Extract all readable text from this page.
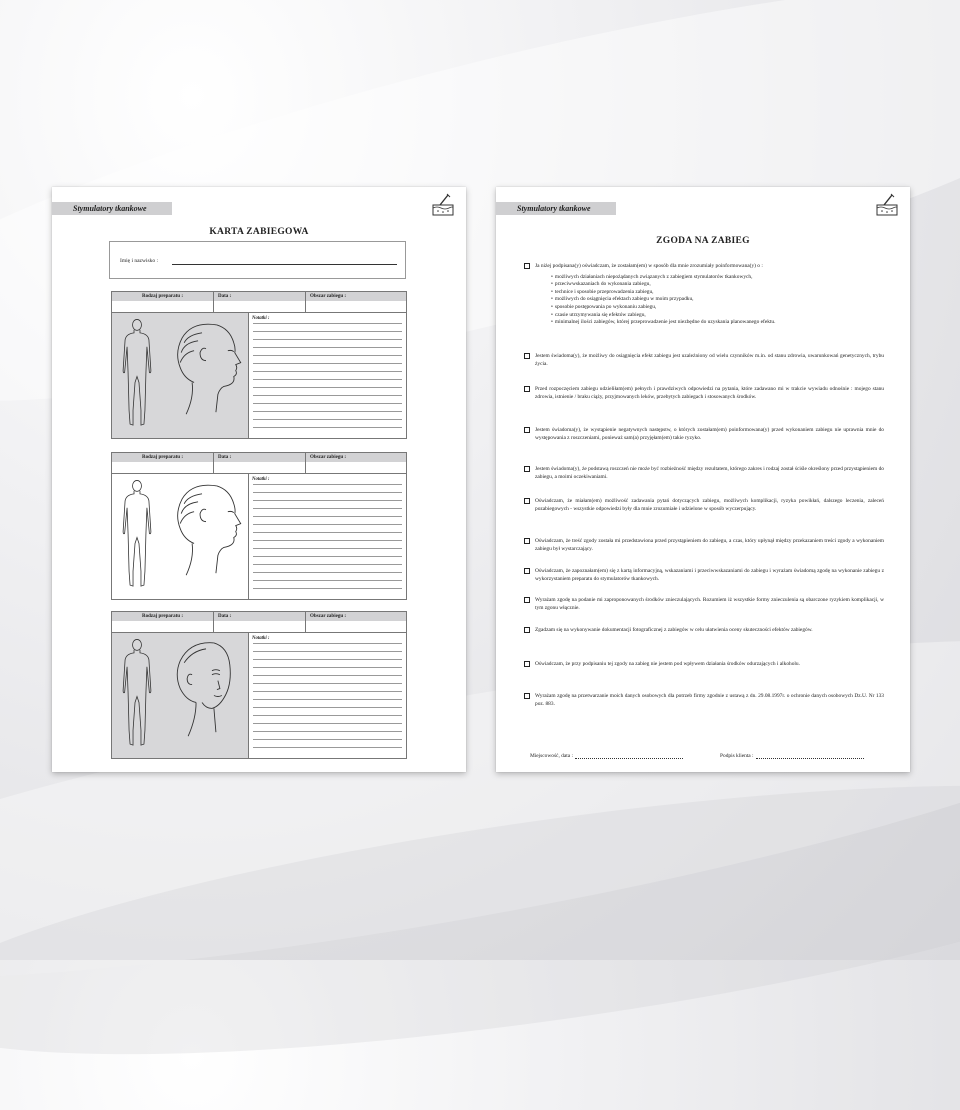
Stymulatory tkankowe
KARTA ZABIEGOWA
Imię i nazwisko :
Rodzaj preparatu :	Data :	Obszar zabiegu :
Notatki :
Rodzaj preparatu :	Data :	Obszar zabiegu :
Notatki :
Rodzaj preparatu :	Data :	Obszar zabiegu :
Notatki :
Stymulatory tkankowe
ZGODA NA ZABIEG
Ja niżej podpisana(y) oświadczam, że zostałam(em) w sposób dla mnie zrozumiały poinformowana(y) o :
• możliwych działaniach niepożądanych związanych z zabiegiem stymulatorów tkankowych,
• przeciwwskazaniach do wykonania zabiegu,
• technice i sposobie przeprowadzenia zabiegu,
• możliwych do osiągnięcia efektach zabiegu w moim przypadku,
• sposobie postępowania po wykonaniu zabiegu,
• czasie utrzymywania się efektów zabiegu,
• minimalnej ilości zabiegów, której przeprowadzenie jest niezbędne do uzyskania planowanego efektu.
Jestem świadoma(y), że możliwy do osiągnięcia efekt zabiegu jest uzależniony od wielu czynników m.in. od stanu zdrowia, uwarunkowań genetycznych, trybu życia.
Przed rozpoczęciem zabiegu udzieliłam(em) pełnych i prawdziwych odpowiedzi na pytania, które zadawano mi w trakcie wywiadu odnośnie : mojego stanu zdrowia, istnienie / braku ciąży, przyjmowanych leków, przebytych zabiegach i stosowanych środków.
Jestem świadoma(y), że wystąpienie negatywnych następstw, o których zostałam(em) poinformowana(y) przed wykonaniem zabiegu nie uprawnia mnie do występowania z roszczeniami, ponieważ sam(a) przyjęłam(em) takie ryzyko.
Jestem świadoma(y), że podstawą roszczeń nie może być rozbieżność między rezultatem, którego zakres i rodzaj został ściśle określony przed przystąpieniem do zabiegu, a moimi oczekiwaniami.
Oświadczam, że miałam(em) możliwość zadawania pytań dotyczących zabiegu, możliwych komplikacji, ryzyka powikłań, dalszego leczenia, zaleceń pozabiegowych - wszystkie odpowiedzi były dla mnie zrozumiałe i udzielone w sposób wyczerpujący.
Oświadczam, że treść zgody została mi przedstawiona przed przystąpieniem do zabiegu, a czas, który upłynął między przekazaniem treści zgody a wykonaniem zabiegu był wystarczający.
Oświadczam, że zapoznałam(em) się z kartą informacyjną, wskazaniami i przeciwwskazaniami do zabiegu i wyrażam świadomą zgodę na wykonanie zabiegu z wykorzystaniem preparatu do stymulatorów tkankowych.
Wyrażam zgodę na podanie mi zaproponowanych środków znieczulających. Rozumiem iż wszystkie formy znieczulenia są obarczone ryzykiem komplikacji, w tym zgonu włącznie.
Zgadzam się na wykonywanie dokumentacji fotograficznej z zabiegów w celu ułatwienia oceny skuteczności efektów zabiegów.
Oświadczam, że przy podpisaniu tej zgody na zabieg nie jestem pod wpływem działania środków odurzających i alkoholu.
Wyrażam zgodę na przetwarzanie moich danych osobowych dla potrzeb firmy zgodnie z ustawą z dn. 29.08.1997r. o ochronie danych osobowych Dz.U. Nr 133 poz. 883.
Miejscowość, data :	Podpis klienta :
